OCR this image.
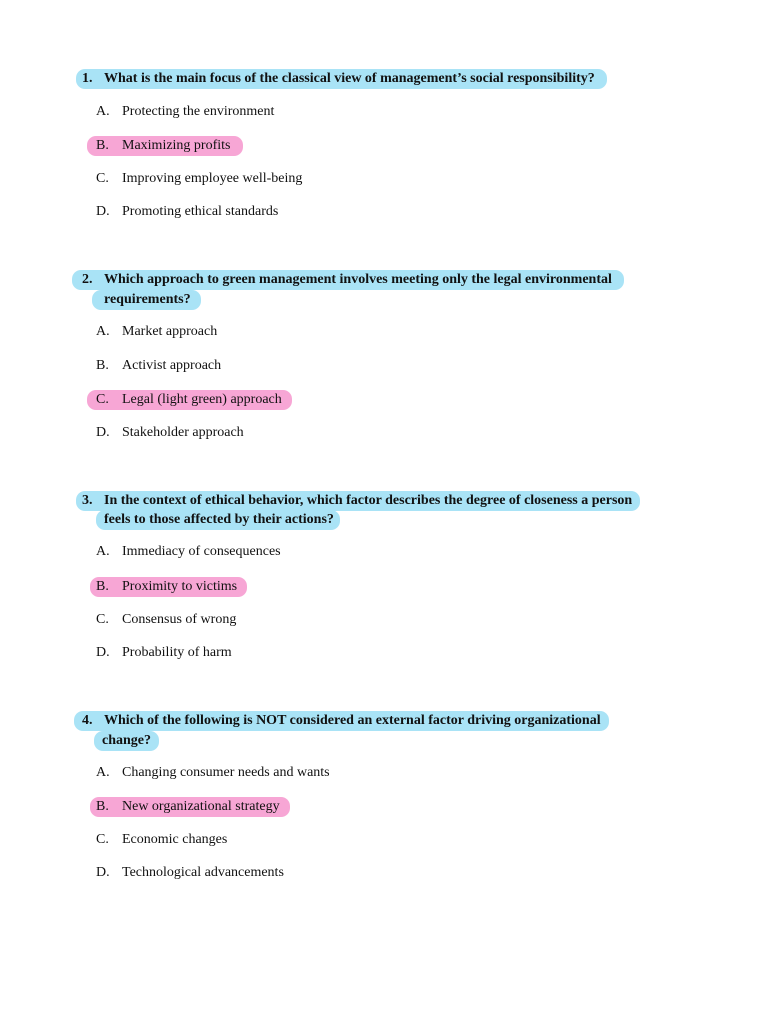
1. What is the main focus of the classical view of management’s social responsibility?
A. Protecting the environment
B. Maximizing profits
C. Improving employee well-being
D. Promoting ethical standards
2. Which approach to green management involves meeting only the legal environmental
requirements?
A. Market approach
B. Activist approach
C. Legal (light green) approach
D. Stakeholder approach
3. In the context of ethical behavior, which factor describes the degree of closeness a person
feels to those affected by their actions?
A. Immediacy of consequences
B. Proximity to victims
C. Consensus of wrong
D. Probability of harm
4. Which of the following is NOT considered an external factor driving organizational
change?
A. Changing consumer needs and wants
B. New organizational strategy
C. Economic changes
D. Technological advancements
